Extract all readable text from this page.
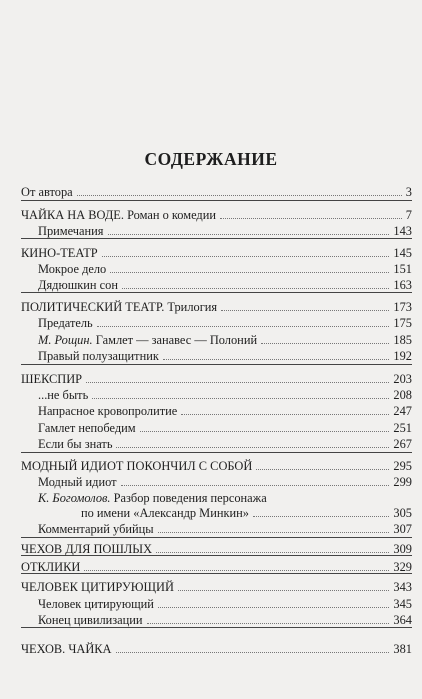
СОДЕРЖАНИЕ
От автора	3
ЧАЙКА НА ВОДЕ. Роман о комедии	7
Примечания	143
КИНО-ТЕАТР	145
Мокрое дело	151
Дядюшкин сон	163
ПОЛИТИЧЕСКИЙ ТЕАТР. Трилогия	173
Предатель	175
М. Рощин. Гамлет — занавес — Полоний	185
Правый полузащитник	192
ШЕКСПИР	203
...не быть	208
Напрасное кровопролитие	247
Гамлет непобедим	251
Если бы знать	267
МОДНЫЙ ИДИОТ ПОКОНЧИЛ С СОБОЙ	295
Модный идиот	299
К. Богомолов. Разбор поведения персонажа
по имени «Александр Минкин»	305
Комментарий убийцы	307
ЧЕХОВ ДЛЯ ПОШЛЫХ	309
ОТКЛИКИ	329
ЧЕЛОВЕК ЦИТИРУЮЩИЙ	343
Человек цитирующий	345
Конец цивилизации	364
ЧЕХОВ. ЧАЙКА	381
